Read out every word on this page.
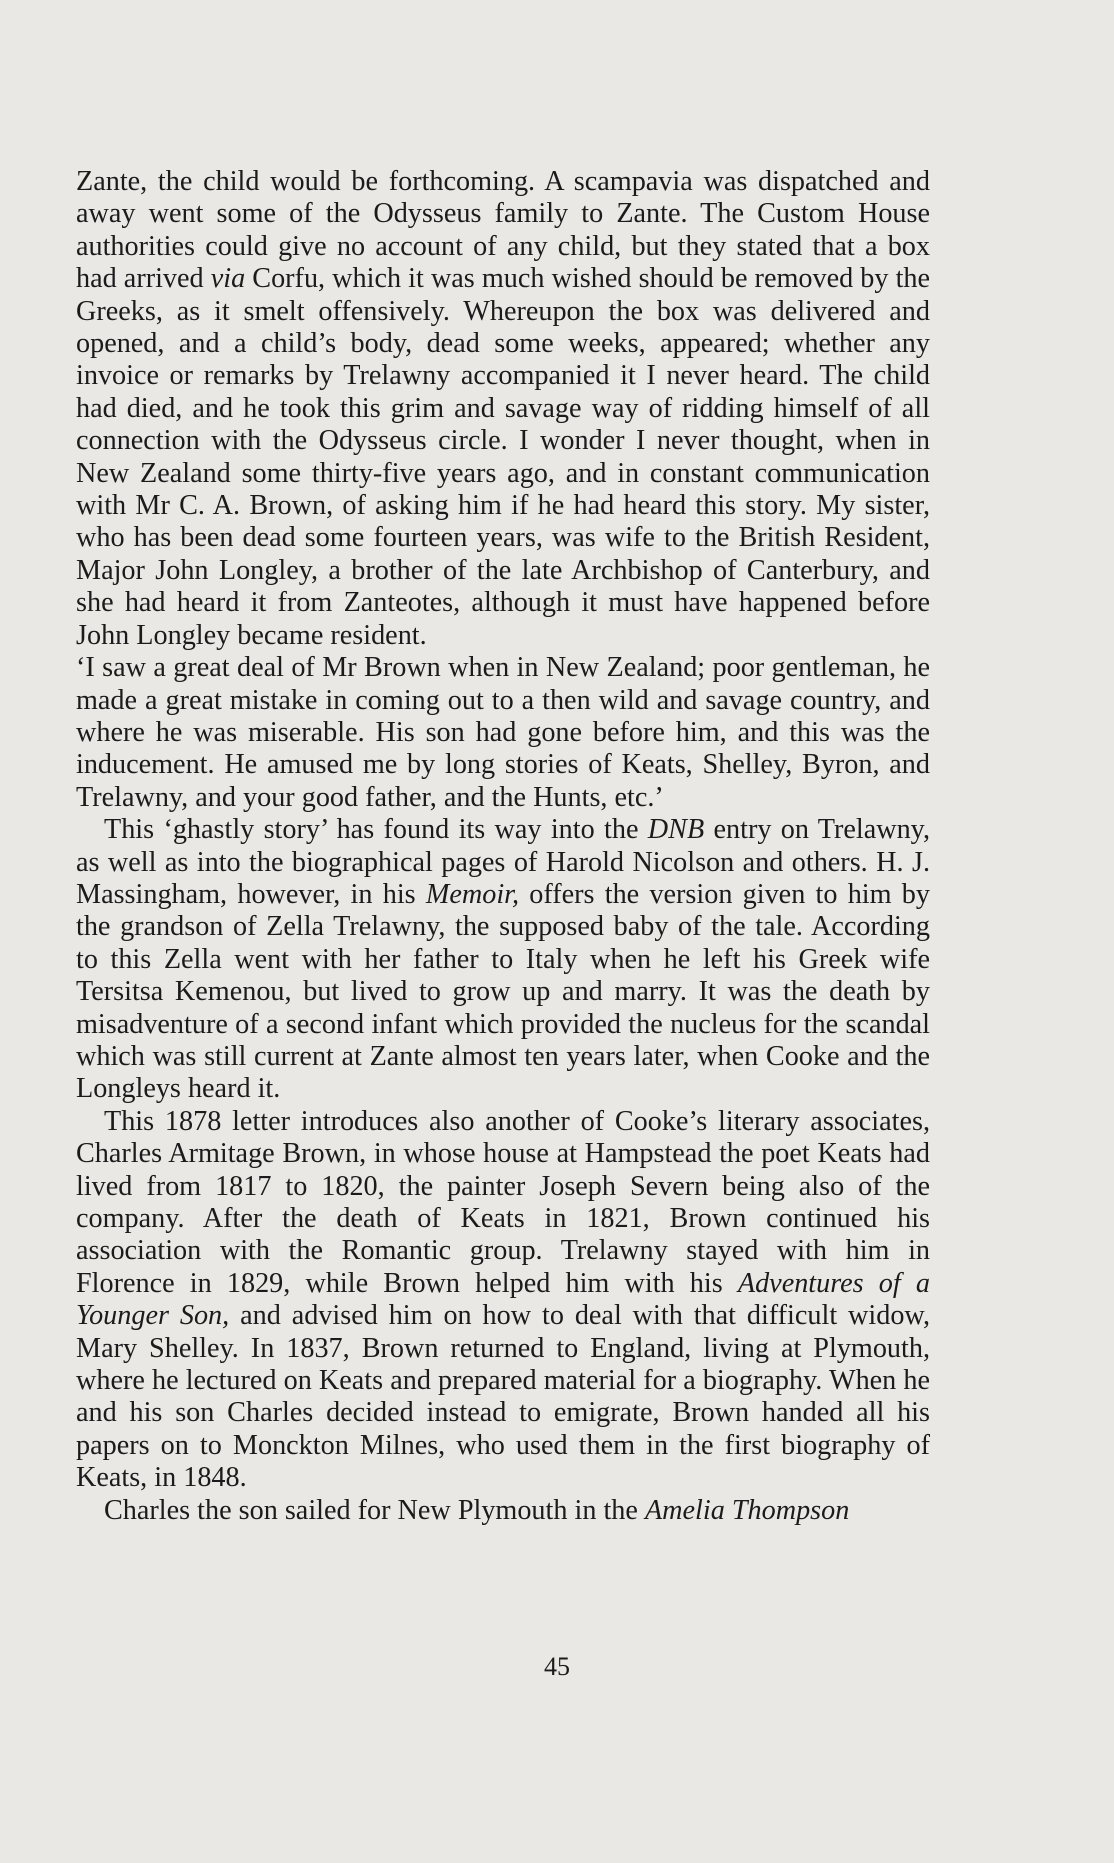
Zante, the child would be forthcoming. A scampavia was dispatched and away went some of the Odysseus family to Zante. The Custom House authorities could give no account of any child, but they stated that a box had arrived via Corfu, which it was much wished should be removed by the Greeks, as it smelt offensively. Whereupon the box was delivered and opened, and a child’s body, dead some weeks, appeared; whether any invoice or remarks by Trelawny accompanied it I never heard. The child had died, and he took this grim and savage way of ridding himself of all connection with the Odysseus circle. I wonder I never thought, when in New Zealand some thirty-five years ago, and in constant communication with Mr C. A. Brown, of asking him if he had heard this story. My sister, who has been dead some fourteen years, was wife to the British Resident, Major John Longley, a brother of the late Archbishop of Canterbury, and she had heard it from Zanteotes, although it must have happened before John Longley became resident.

‘I saw a great deal of Mr Brown when in New Zealand; poor gentleman, he made a great mistake in coming out to a then wild and savage country, and where he was miserable. His son had gone before him, and this was the inducement. He amused me by long stories of Keats, Shelley, Byron, and Trelawny, and your good father, and the Hunts, etc.’

This ‘ghastly story’ has found its way into the DNB entry on Trelawny, as well as into the biographical pages of Harold Nicolson and others. H. J. Massingham, however, in his Memoir, offers the version given to him by the grandson of Zella Trelawny, the supposed baby of the tale. According to this Zella went with her father to Italy when he left his Greek wife Tersitsa Kemenou, but lived to grow up and marry. It was the death by misadventure of a second infant which provided the nucleus for the scandal which was still current at Zante almost ten years later, when Cooke and the Longleys heard it.

This 1878 letter introduces also another of Cooke’s literary associates, Charles Armitage Brown, in whose house at Hampstead the poet Keats had lived from 1817 to 1820, the painter Joseph Severn being also of the company. After the death of Keats in 1821, Brown continued his association with the Romantic group. Trelawny stayed with him in Florence in 1829, while Brown helped him with his Adventures of a Younger Son, and advised him on how to deal with that difficult widow, Mary Shelley. In 1837, Brown returned to England, living at Plymouth, where he lectured on Keats and prepared material for a biography. When he and his son Charles decided instead to emigrate, Brown handed all his papers on to Monckton Milnes, who used them in the first biography of Keats, in 1848.

Charles the son sailed for New Plymouth in the Amelia Thompson

45
